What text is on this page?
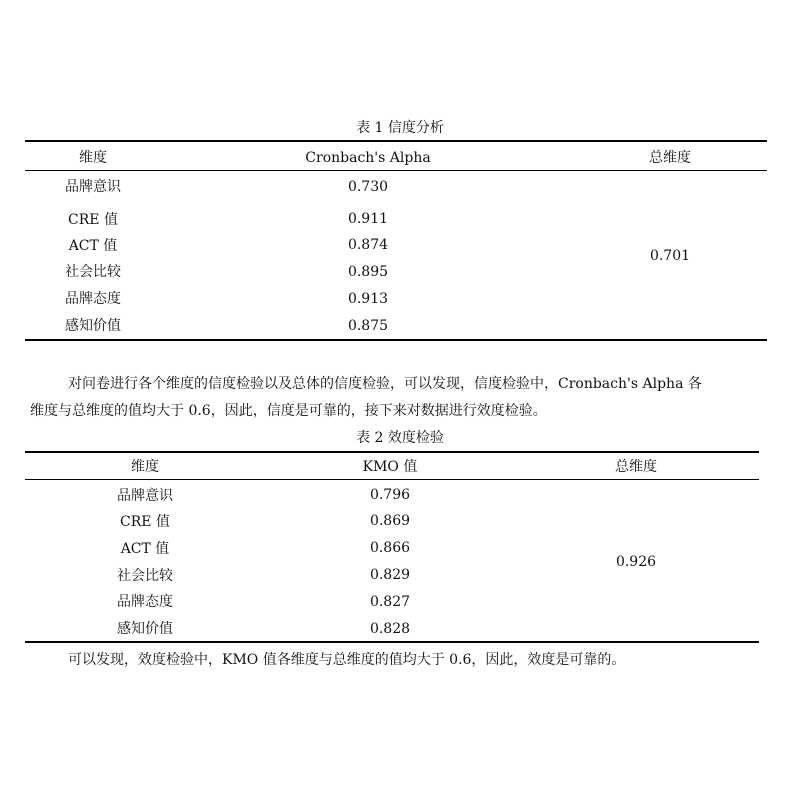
表 1 信度分析
维度	Cronbach's Alpha	总维度
品牌意识	0.730
CRE 值	0.911
ACT 值	0.874
社会比较	0.895
品牌态度	0.913
感知价值	0.875
0.701
对问卷进行各个维度的信度检验以及总体的信度检验，可以发现，信度检验中，Cronbach's Alpha 各
维度与总维度的值均大于 0.6，因此，信度是可靠的，接下来对数据进行效度检验。
表 2 效度检验
维度	KMO 值	总维度
品牌意识	0.796
CRE 值	0.869
ACT 值	0.866
社会比较	0.829
品牌态度	0.827
感知价值	0.828
0.926
可以发现，效度检验中，KMO 值各维度与总维度的值均大于 0.6，因此，效度是可靠的。
